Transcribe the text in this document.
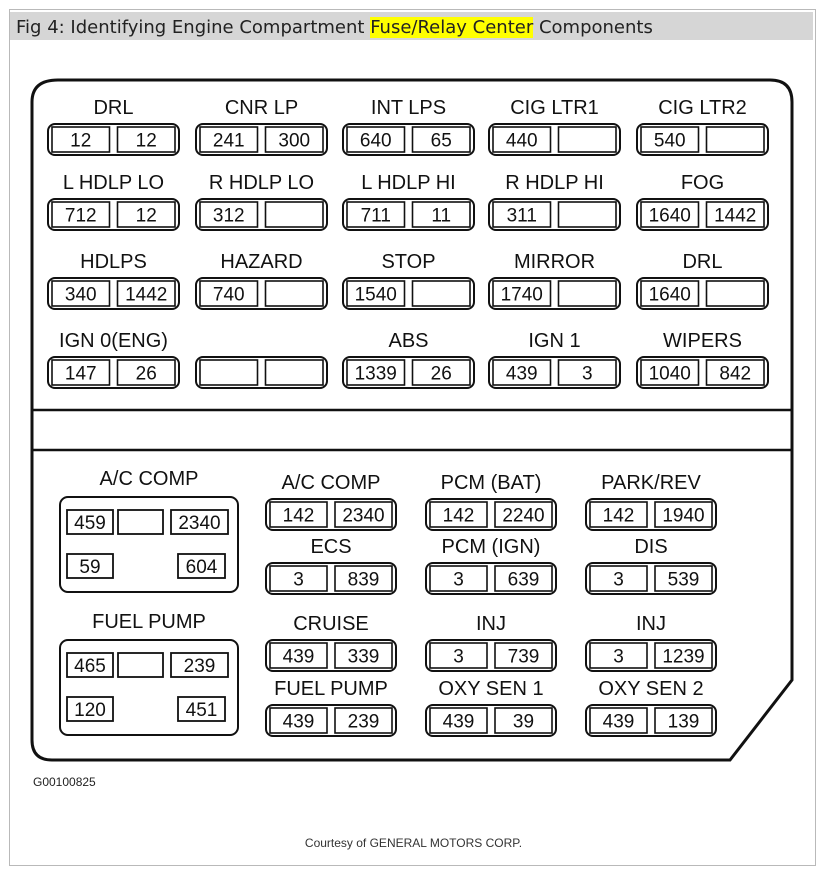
Fig 4: Identifying Engine Compartment Fuse/Relay Center Components
12 12
DRL
241 300
CNR LP
640 65
INT LPS
440
CIG LTR1
540
CIG LTR2
712 12
L HDLP LO
312
R HDLP LO
711 11
L HDLP HI
311
R HDLP HI
1640 1442
FOG
340 1442
HDLPS
740
HAZARD
1540
STOP
1740
MIRROR
1640
DRL
147 26
IGN 0(ENG)
1339 26
ABS
439 3
IGN 1
1040 842
WIPERS
A/C COMP
459	2340
59	604
FUEL PUMP
465	239
120	451
142 2340
A/C COMP
142 2240
PCM (BAT)
142 1940
PARK/REV
3 839
ECS
3 639
PCM (IGN)
3 539
DIS
439 339
CRUISE
3 739
INJ
3 1239
INJ
439 239
FUEL PUMP
439 39
OXY SEN 1
439 139
OXY SEN 2
G00100825
Courtesy of GENERAL MOTORS CORP.
